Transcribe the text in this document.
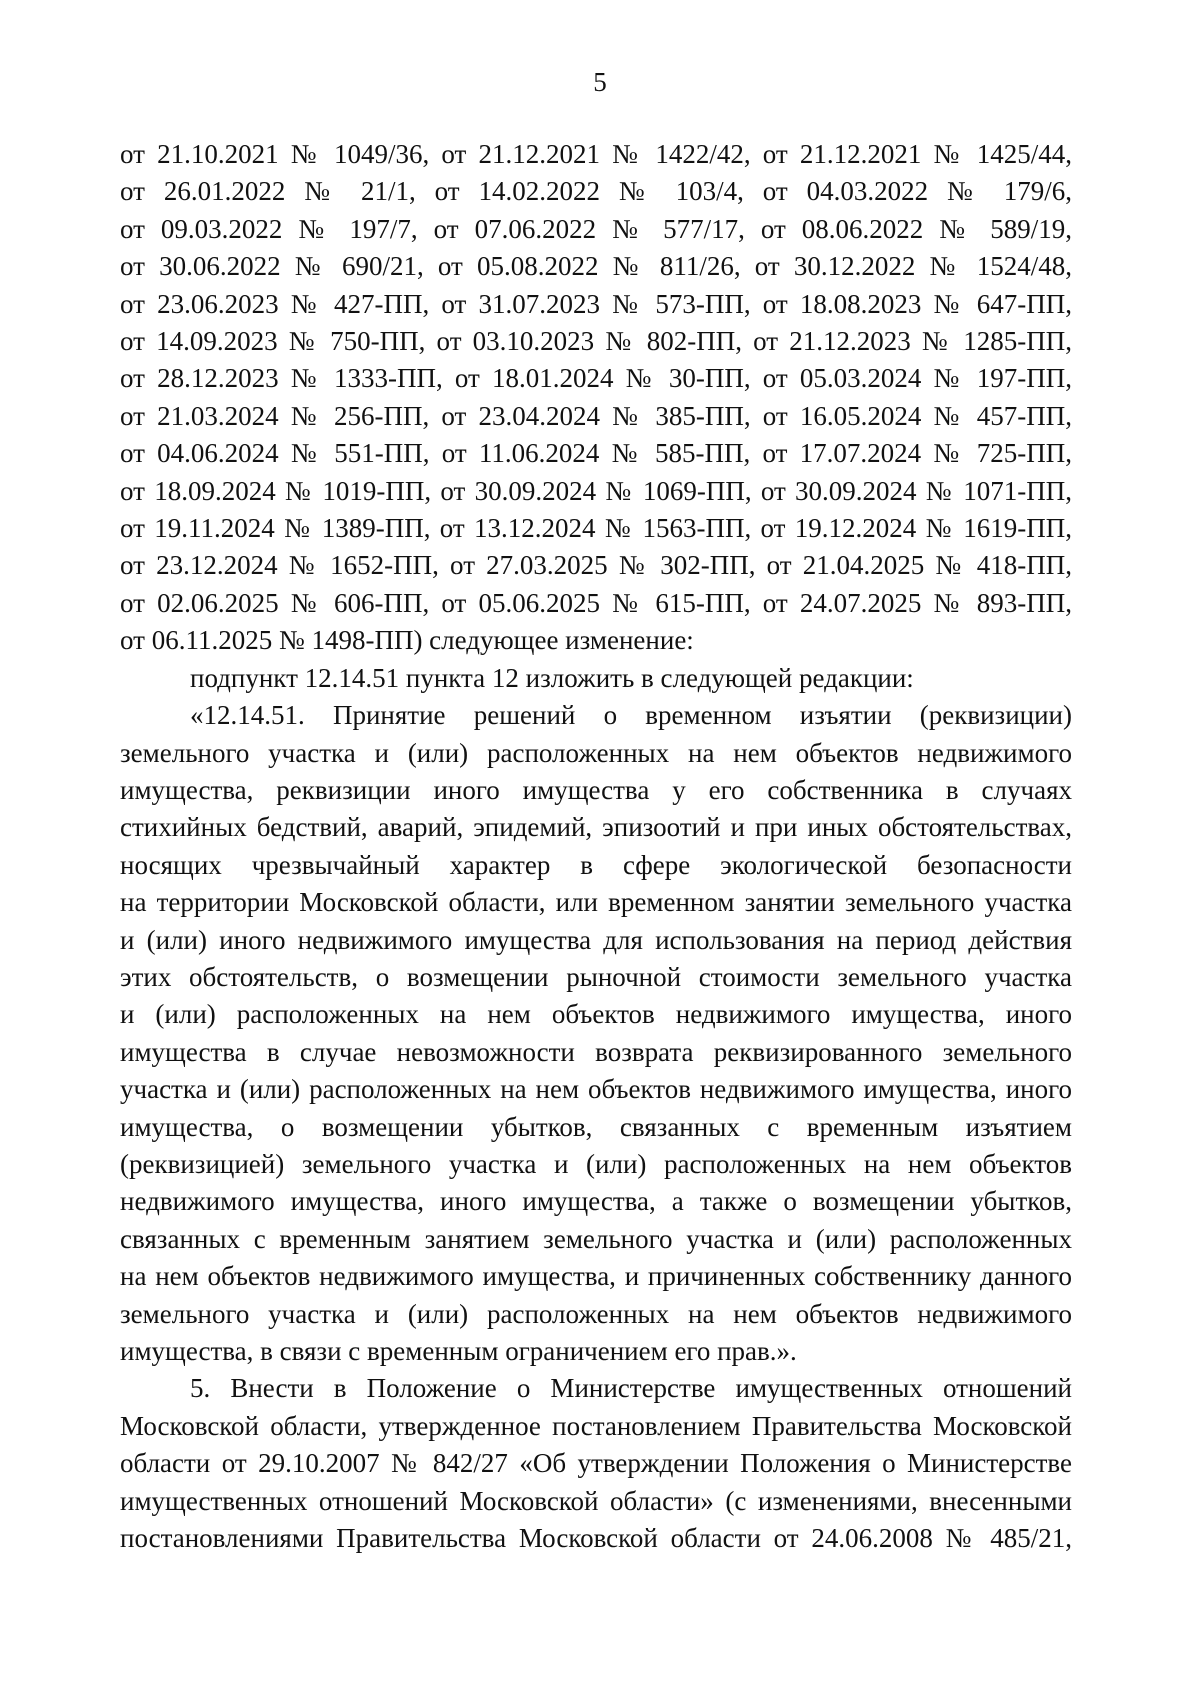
5
от 21.10.2021 № 1049/36, от 21.12.2021 № 1422/42, от 21.12.2021 № 1425/44,
от 26.01.2022 № 21/1, от 14.02.2022 № 103/4, от 04.03.2022 № 179/6,
от 09.03.2022 № 197/7, от 07.06.2022 № 577/17, от 08.06.2022 № 589/19,
от 30.06.2022 № 690/21, от 05.08.2022 № 811/26, от 30.12.2022 № 1524/48,
от 23.06.2023 № 427-ПП, от 31.07.2023 № 573-ПП, от 18.08.2023 № 647-ПП,
от 14.09.2023 № 750-ПП, от 03.10.2023 № 802-ПП, от 21.12.2023 № 1285-ПП,
от 28.12.2023 № 1333-ПП, от 18.01.2024 № 30-ПП, от 05.03.2024 № 197-ПП,
от 21.03.2024 № 256-ПП, от 23.04.2024 № 385-ПП, от 16.05.2024 № 457-ПП,
от 04.06.2024 № 551-ПП, от 11.06.2024 № 585-ПП, от 17.07.2024 № 725-ПП,
от 18.09.2024 № 1019-ПП, от 30.09.2024 № 1069-ПП, от 30.09.2024 № 1071-ПП,
от 19.11.2024 № 1389-ПП, от 13.12.2024 № 1563-ПП, от 19.12.2024 № 1619-ПП,
от 23.12.2024 № 1652-ПП, от 27.03.2025 № 302-ПП, от 21.04.2025 № 418-ПП,
от 02.06.2025 № 606-ПП, от 05.06.2025 № 615-ПП, от 24.07.2025 № 893-ПП,
от 06.11.2025 № 1498-ПП) следующее изменение:
подпункт 12.14.51 пункта 12 изложить в следующей редакции:
«12.14.51. Принятие решений о временном изъятии (реквизиции)
земельного участка и (или) расположенных на нем объектов недвижимого
имущества, реквизиции иного имущества у его собственника в случаях
стихийных бедствий, аварий, эпидемий, эпизоотий и при иных обстоятельствах,
носящих чрезвычайный характер в сфере экологической безопасности
на территории Московской области, или временном занятии земельного участка
и (или) иного недвижимого имущества для использования на период действия
этих обстоятельств, о возмещении рыночной стоимости земельного участка
и (или) расположенных на нем объектов недвижимого имущества, иного
имущества в случае невозможности возврата реквизированного земельного
участка и (или) расположенных на нем объектов недвижимого имущества, иного
имущества, о возмещении убытков, связанных с временным изъятием
(реквизицией) земельного участка и (или) расположенных на нем объектов
недвижимого имущества, иного имущества, а также о возмещении убытков,
связанных с временным занятием земельного участка и (или) расположенных
на нем объектов недвижимого имущества, и причиненных собственнику данного
земельного участка и (или) расположенных на нем объектов недвижимого
имущества, в связи с временным ограничением его прав.».
5. Внести в Положение о Министерстве имущественных отношений
Московской области, утвержденное постановлением Правительства Московской
области от 29.10.2007 № 842/27 «Об утверждении Положения о Министерстве
имущественных отношений Московской области» (с изменениями, внесенными
постановлениями Правительства Московской области от 24.06.2008 № 485/21,
